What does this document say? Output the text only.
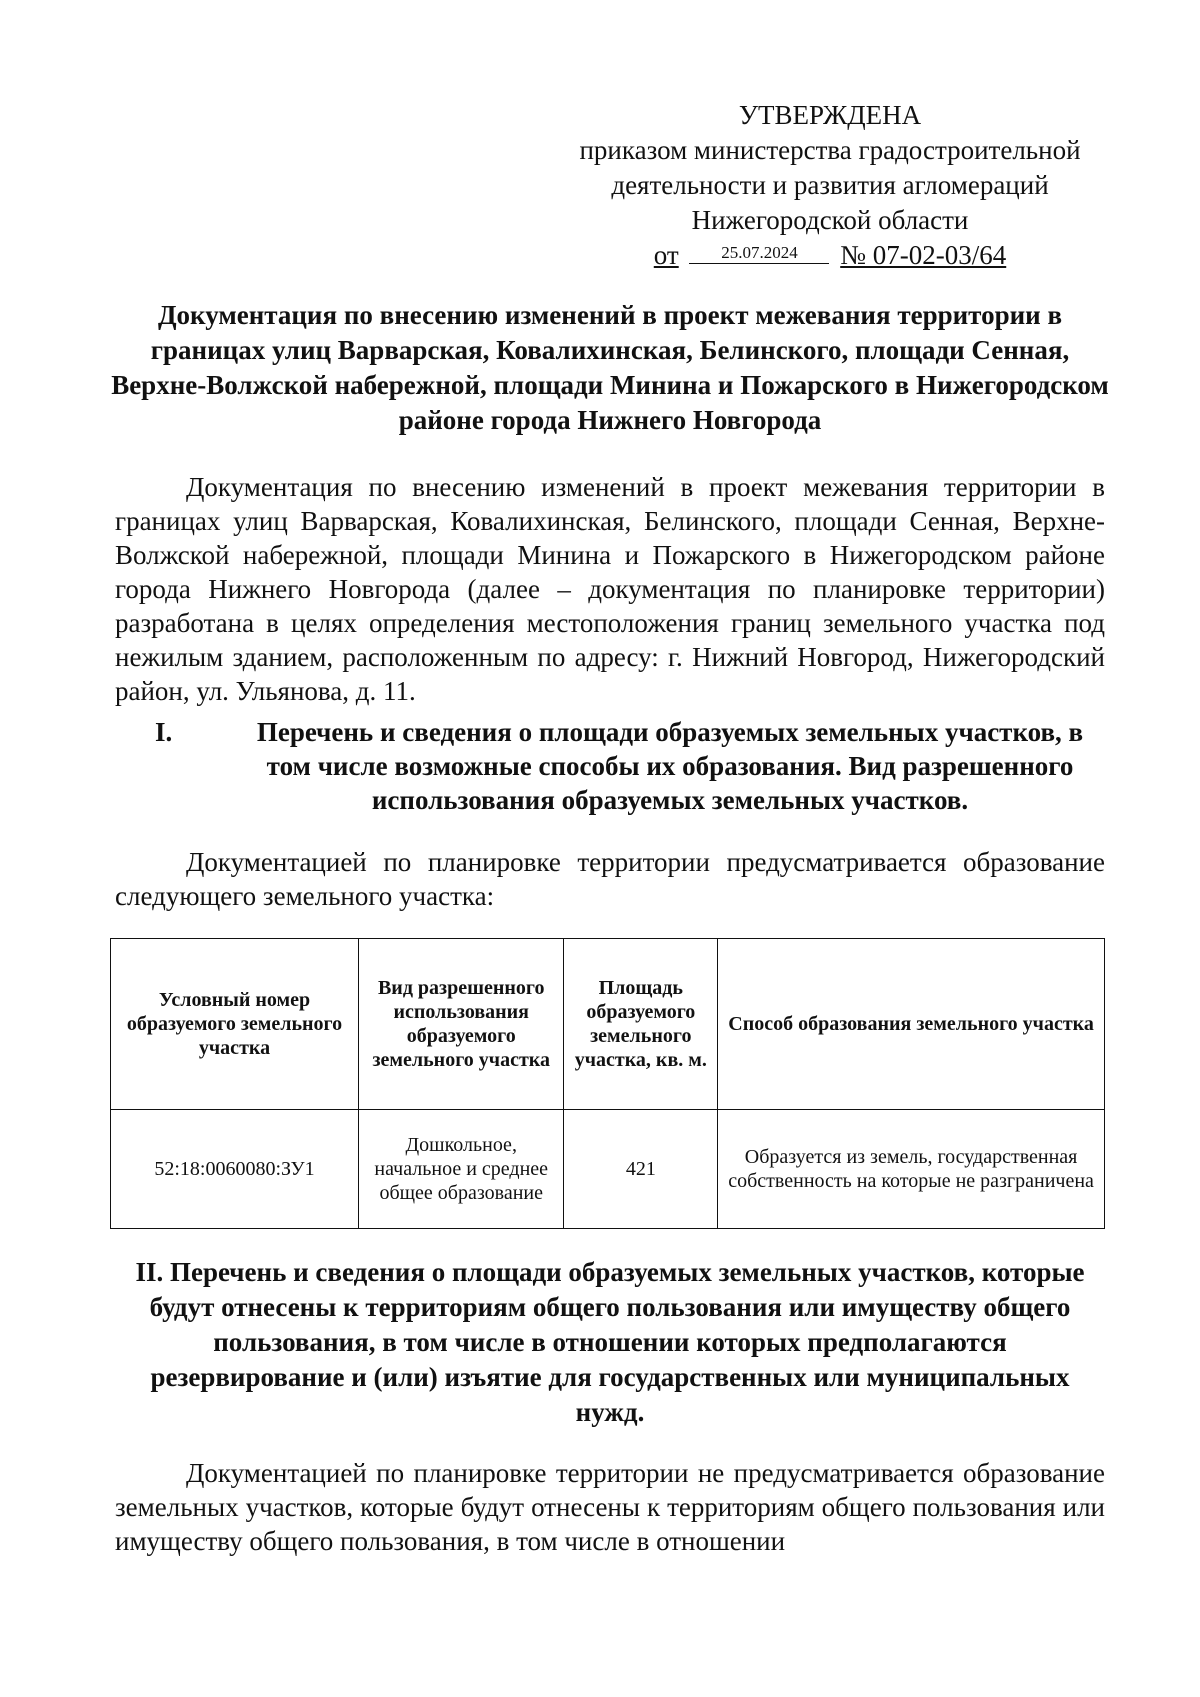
УТВЕРЖДЕНА
приказом министерства градостроительной
деятельности и развития агломераций
Нижегородской области
от	25.07.2024 № 07-02-03/64
Документация по внесению изменений в проект межевания территории в границах улиц Варварская, Ковалихинская, Белинского, площади Сенная, Верхне-Волжской набережной, площади Минина и Пожарского в Нижегородском районе города Нижнего Новгорода

Документация по внесению изменений в проект межевания территории в границах улиц Варварская, Ковалихинская, Белинского, площади Сенная, Верхне-Волжской набережной, площади Минина и Пожарского в Нижегородском районе города Нижнего Новгорода (далее – документация по планировке территории) разработана в целях определения местоположения границ земельного участка под нежилым зданием, расположенным по адресу: г. Нижний Новгород, Нижегородский район, ул. Ульянова, д. 11.

I.	Перечень и сведения о площади образуемых земельных участков, в том числе возможные способы их образования. Вид разрешенного использования образуемых земельных участков.

Документацией по планировке территории предусматривается образование следующего земельного участка:

Условный номер образуемого земельного участка	Вид разрешенного использования образуемого земельного участка	Площадь образуемого земельного участка, кв. м.	Способ образования земельного участка
52:18:0060080:ЗУ1	Дошкольное, начальное и среднее общее образование	421	Образуется из земель, государственная собственность на которые не разграничена
II. Перечень и сведения о площади образуемых земельных участков, которые будут отнесены к территориям общего пользования или имуществу общего пользования, в том числе в отношении которых предполагаются резервирование и (или) изъятие для государственных или муниципальных нужд.

Документацией по планировке территории не предусматривается образование земельных участков, которые будут отнесены к территориям общего пользования или имуществу общего пользования, в том числе в отношении
